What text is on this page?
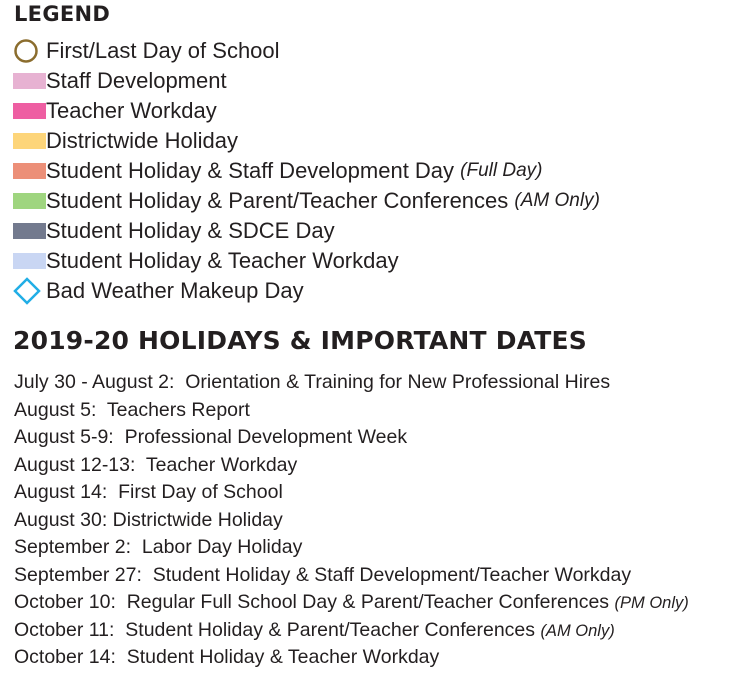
LEGEND
First/Last Day of School
Staff Development
Teacher Workday
Districtwide Holiday
Student Holiday & Staff Development Day
(Full Day)
Student Holiday & Parent/Teacher Conferences
(AM Only)
Student Holiday & SDCE Day
Student Holiday & Teacher Workday
Bad Weather Makeup Day
2019-20 HOLIDAYS & IMPORTANT DATES
July 30 - August 2:  Orientation & Training for New Professional Hires
August 5:  Teachers Report
August 5-9:  Professional Development Week
August 12-13:  Teacher Workday
August 14:  First Day of School
August 30: Districtwide Holiday
September 2:  Labor Day Holiday
September 27:  Student Holiday & Staff Development/Teacher Workday
October 10:  Regular Full School Day & Parent/Teacher Conferences (PM Only)
October 11:  Student Holiday & Parent/Teacher Conferences (AM Only)
October 14:  Student Holiday & Teacher Workday
